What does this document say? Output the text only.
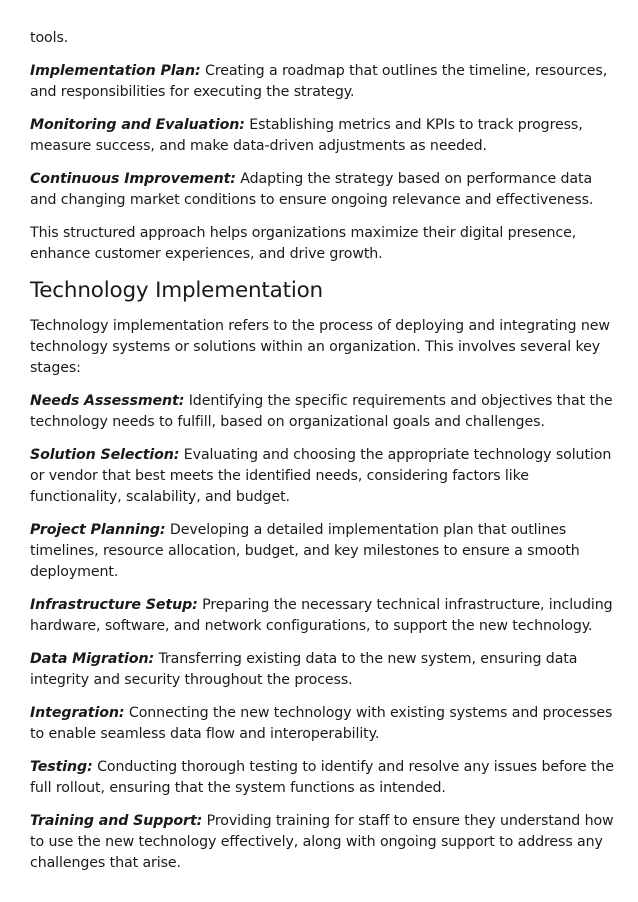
tools.

Implementation Plan: Creating a roadmap that outlines the timeline, resources, and responsibilities for executing the strategy.

Monitoring and Evaluation: Establishing metrics and KPIs to track progress, measure success, and make data-driven adjustments as needed.

Continuous Improvement: Adapting the strategy based on performance data and changing market conditions to ensure ongoing relevance and effectiveness.

This structured approach helps organizations maximize their digital presence, enhance customer experiences, and drive growth.

Technology Implementation

Technology implementation refers to the process of deploying and integrating new technology systems or solutions within an organization. This involves several key stages:

Needs Assessment: Identifying the specific requirements and objectives that the technology needs to fulfill, based on organizational goals and challenges.

Solution Selection: Evaluating and choosing the appropriate technology solution or vendor that best meets the identified needs, considering factors like functionality, scalability, and budget.

Project Planning: Developing a detailed implementation plan that outlines timelines, resource allocation, budget, and key milestones to ensure a smooth deployment.

Infrastructure Setup: Preparing the necessary technical infrastructure, including hardware, software, and network configurations, to support the new technology.

Data Migration: Transferring existing data to the new system, ensuring data integrity and security throughout the process.

Integration: Connecting the new technology with existing systems and processes to enable seamless data flow and interoperability.

Testing: Conducting thorough testing to identify and resolve any issues before the full rollout, ensuring that the system functions as intended.

Training and Support: Providing training for staff to ensure they understand how to use the new technology effectively, along with ongoing support to address any challenges that arise.
